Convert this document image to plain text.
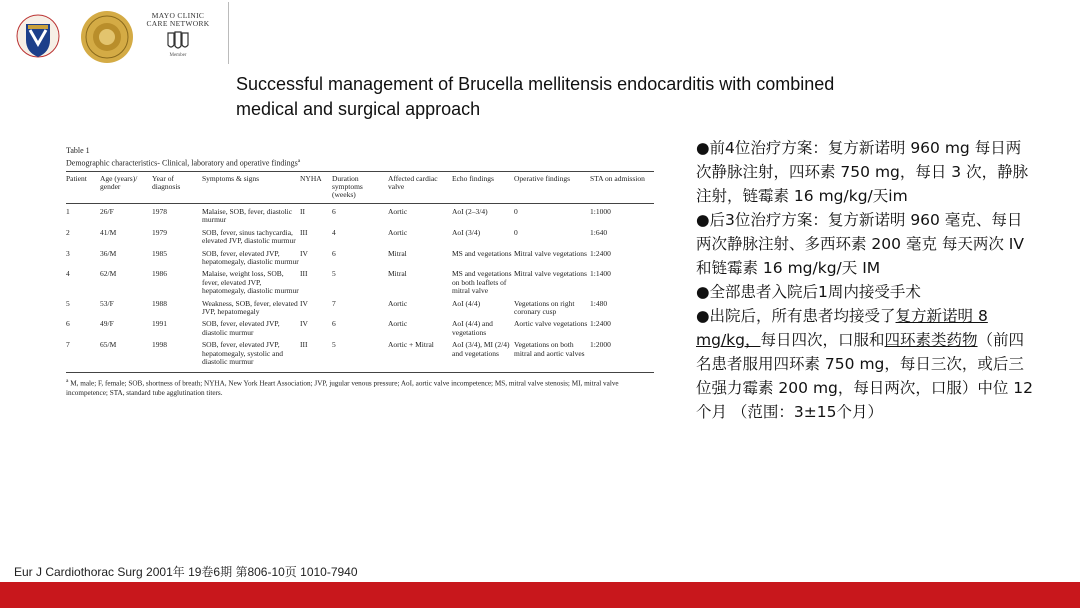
MAYO CLINIC
CARE NETWORK
Member
Successful management of Brucella mellitensis endocarditis with combined medical and surgical approach
Table 1
Demographic characteristics- Clinical, laboratory and operative findings$^a$
Patient	Age (years)/ gender	Year of diagnosis	Symptoms & signs	NYHA	Duration symptoms (weeks)	Affected cardiac valve	Echo findings	Operative findings	STA on admission
1	26/F	1978	Malaise, SOB, fever, diastolic murmur	II	6	Aortic	AoI (2–3/4)	0	1:1000
2	41/M	1979	SOB, fever, sinus tachycardia, elevated JVP, diastolic murmur	III	4	Aortic	AoI (3/4)	0	1:640
3	36/M	1985	SOB, fever, elevated JVP, hepatomegaly, diastolic murmur	IV	6	Mitral	MS and vegetations	Mitral valve vegetations	1:2400
4	62/M	1986	Malaise, weight loss, SOB, fever, elevated JVP, hepatomegaly, diastolic murmur	III	5	Mitral	MS and vegetations on both leaflets of mitral valve	Mitral valve vegetations	1:1400
5	53/F	1988	Weakness, SOB, fever, elevated JVP, hepatomegaly	IV	7	Aortic	AoI (4/4)	Vegetations on right coronary cusp	1:480
6	49/F	1991	SOB, fever, elevated JVP, diastolic murmur	IV	6	Aortic	AoI (4/4) and vegetations	Aortic valve vegetations	1:2400
7	65/M	1998	SOB, fever, elevated JVP, hepatomegaly, systolic and diastolic murmur	III	5	Aortic + Mitral	AoI (3/4), MI (2/4) and vegetations	Vegetations on both mitral and aortic valves	1:2000
$^a$ M, male; F, female; SOB, shortness of breath; NYHA, New York Heart Association; JVP, jugular venous pressure; AoI, aortic valve incompetence; MS, mitral valve stenosis; MI, mitral valve incompetence; STA, standard tube agglutination titers.

●前4位治疗方案：复方新诺明 960 mg 每日两次静脉注射，四环素 750 mg，每日 3 次，静脉注射，链霉素 16 mg/kg/天im

●后3位治疗方案：复方新诺明 960 毫克、每日两次静脉注射、多西环素 200 毫克 每天两次 IV 和链霉素 16 mg/kg/天 IM

●全部患者入院后1周内接受手术

●出院后，所有患者均接受了复方新诺明 8 mg/kg，每日四次，口服和四环素类药物（前四名患者服用四环素 750 mg，每日三次，或后三位强力霉素 200 mg，每日两次，口服）中位 12 个月 （范围：3±15个月）

Eur J Cardiothorac Surg 2001年 19卷6期 第806-10页 1010-7940
